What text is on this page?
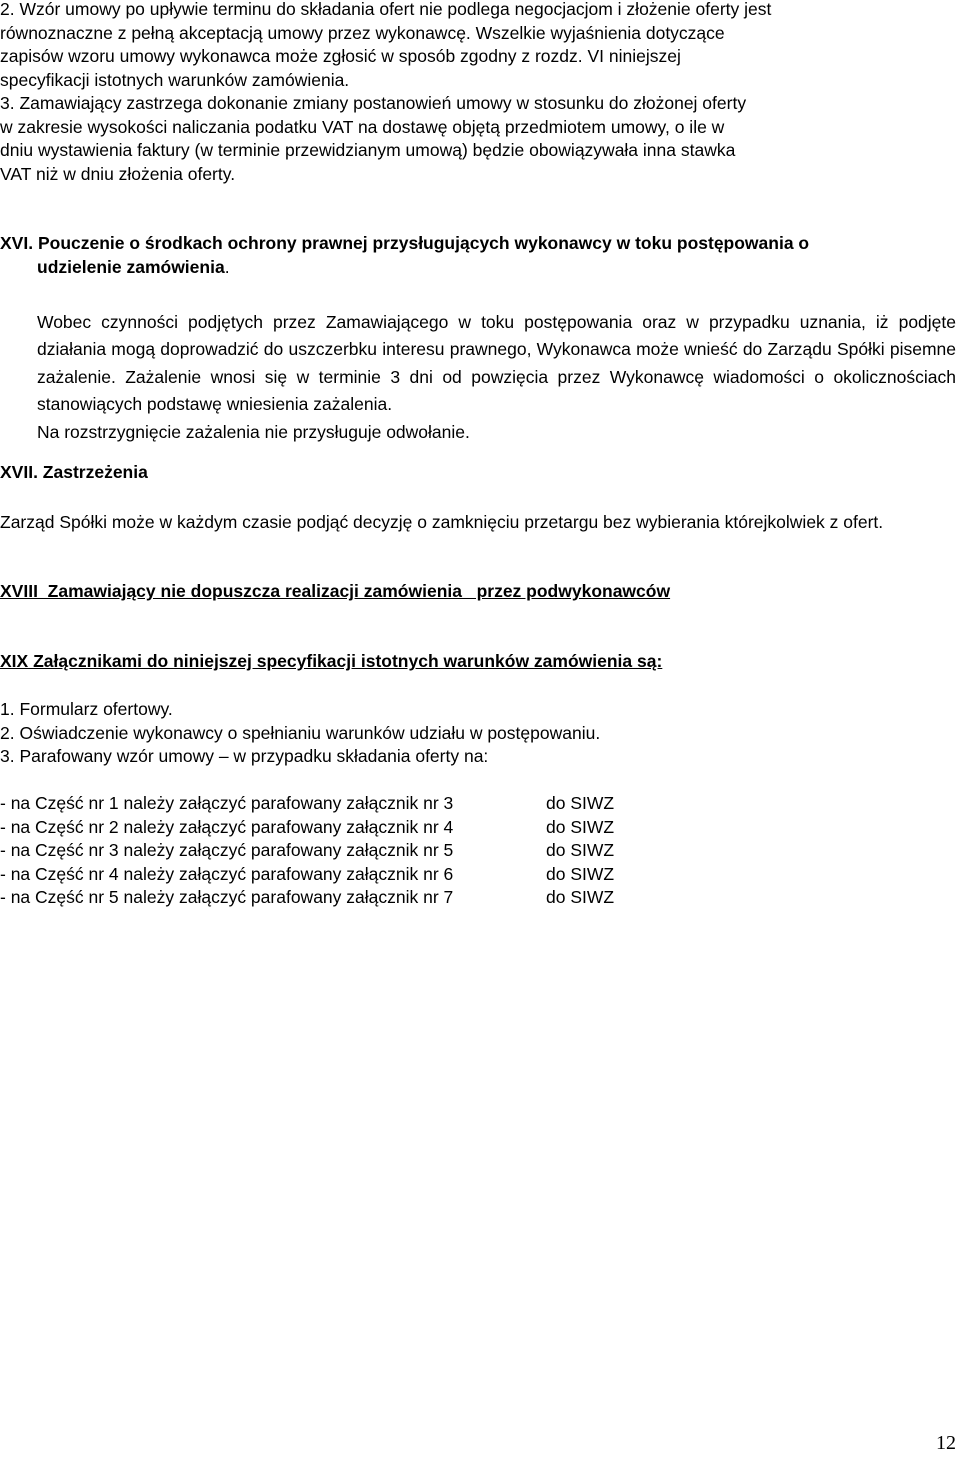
2. Wzór umowy po upływie terminu do składania ofert nie podlega negocjacjom i złożenie oferty jest
równoznaczne z pełną akceptacją umowy przez wykonawcę. Wszelkie wyjaśnienia dotyczące
zapisów wzoru umowy wykonawca może zgłosić w sposób zgodny z rozdz. VI niniejszej
specyfikacji istotnych warunków zamówienia.
3. Zamawiający zastrzega dokonanie zmiany postanowień umowy w stosunku do złożonej oferty
w zakresie wysokości naliczania podatku VAT na dostawę objętą przedmiotem umowy, o ile w
dniu wystawienia faktury (w terminie przewidzianym umową) będzie obowiązywała inna stawka
VAT niż w dniu złożenia oferty.
XVI. Pouczenie o środkach ochrony prawnej przysługujących wykonawcy w toku postępowania o
udzielenie zamówienia.
Wobec czynności podjętych przez Zamawiającego w toku postępowania oraz w przypadku uznania, iż podjęte działania mogą doprowadzić do uszczerbku interesu prawnego, Wykonawca może wnieść do Zarządu Spółki pisemne zażalenie. Zażalenie wnosi się w terminie 3 dni od powzięcia przez Wykonawcę wiadomości o okolicznościach stanowiących podstawę wniesienia zażalenia.
Na rozstrzygnięcie zażalenia nie przysługuje odwołanie.
XVII. Zastrzeżenia
Zarząd Spółki może w każdym czasie podjąć decyzję o zamknięciu przetargu bez wybierania którejkolwiek z ofert.
XVIII  Zamawiający nie dopuszcza realizacji zamówienia   przez podwykonawców
XIX Załącznikami do niniejszej specyfikacji istotnych warunków zamówienia są:
1. Formularz ofertowy.
2. Oświadczenie wykonawcy o spełnianiu warunków udziału w postępowaniu.
3. Parafowany wzór umowy – w przypadku składania oferty na:
- na Część nr 1 należy załączyć parafowany załącznik nr 3	do SIWZ
- na Część nr 2 należy załączyć parafowany załącznik nr 4	do SIWZ
- na Część nr 3 należy załączyć parafowany załącznik nr 5	do SIWZ
- na Część nr 4 należy załączyć parafowany załącznik nr 6	do SIWZ
- na Część nr 5 należy załączyć parafowany załącznik nr 7	do SIWZ
12
